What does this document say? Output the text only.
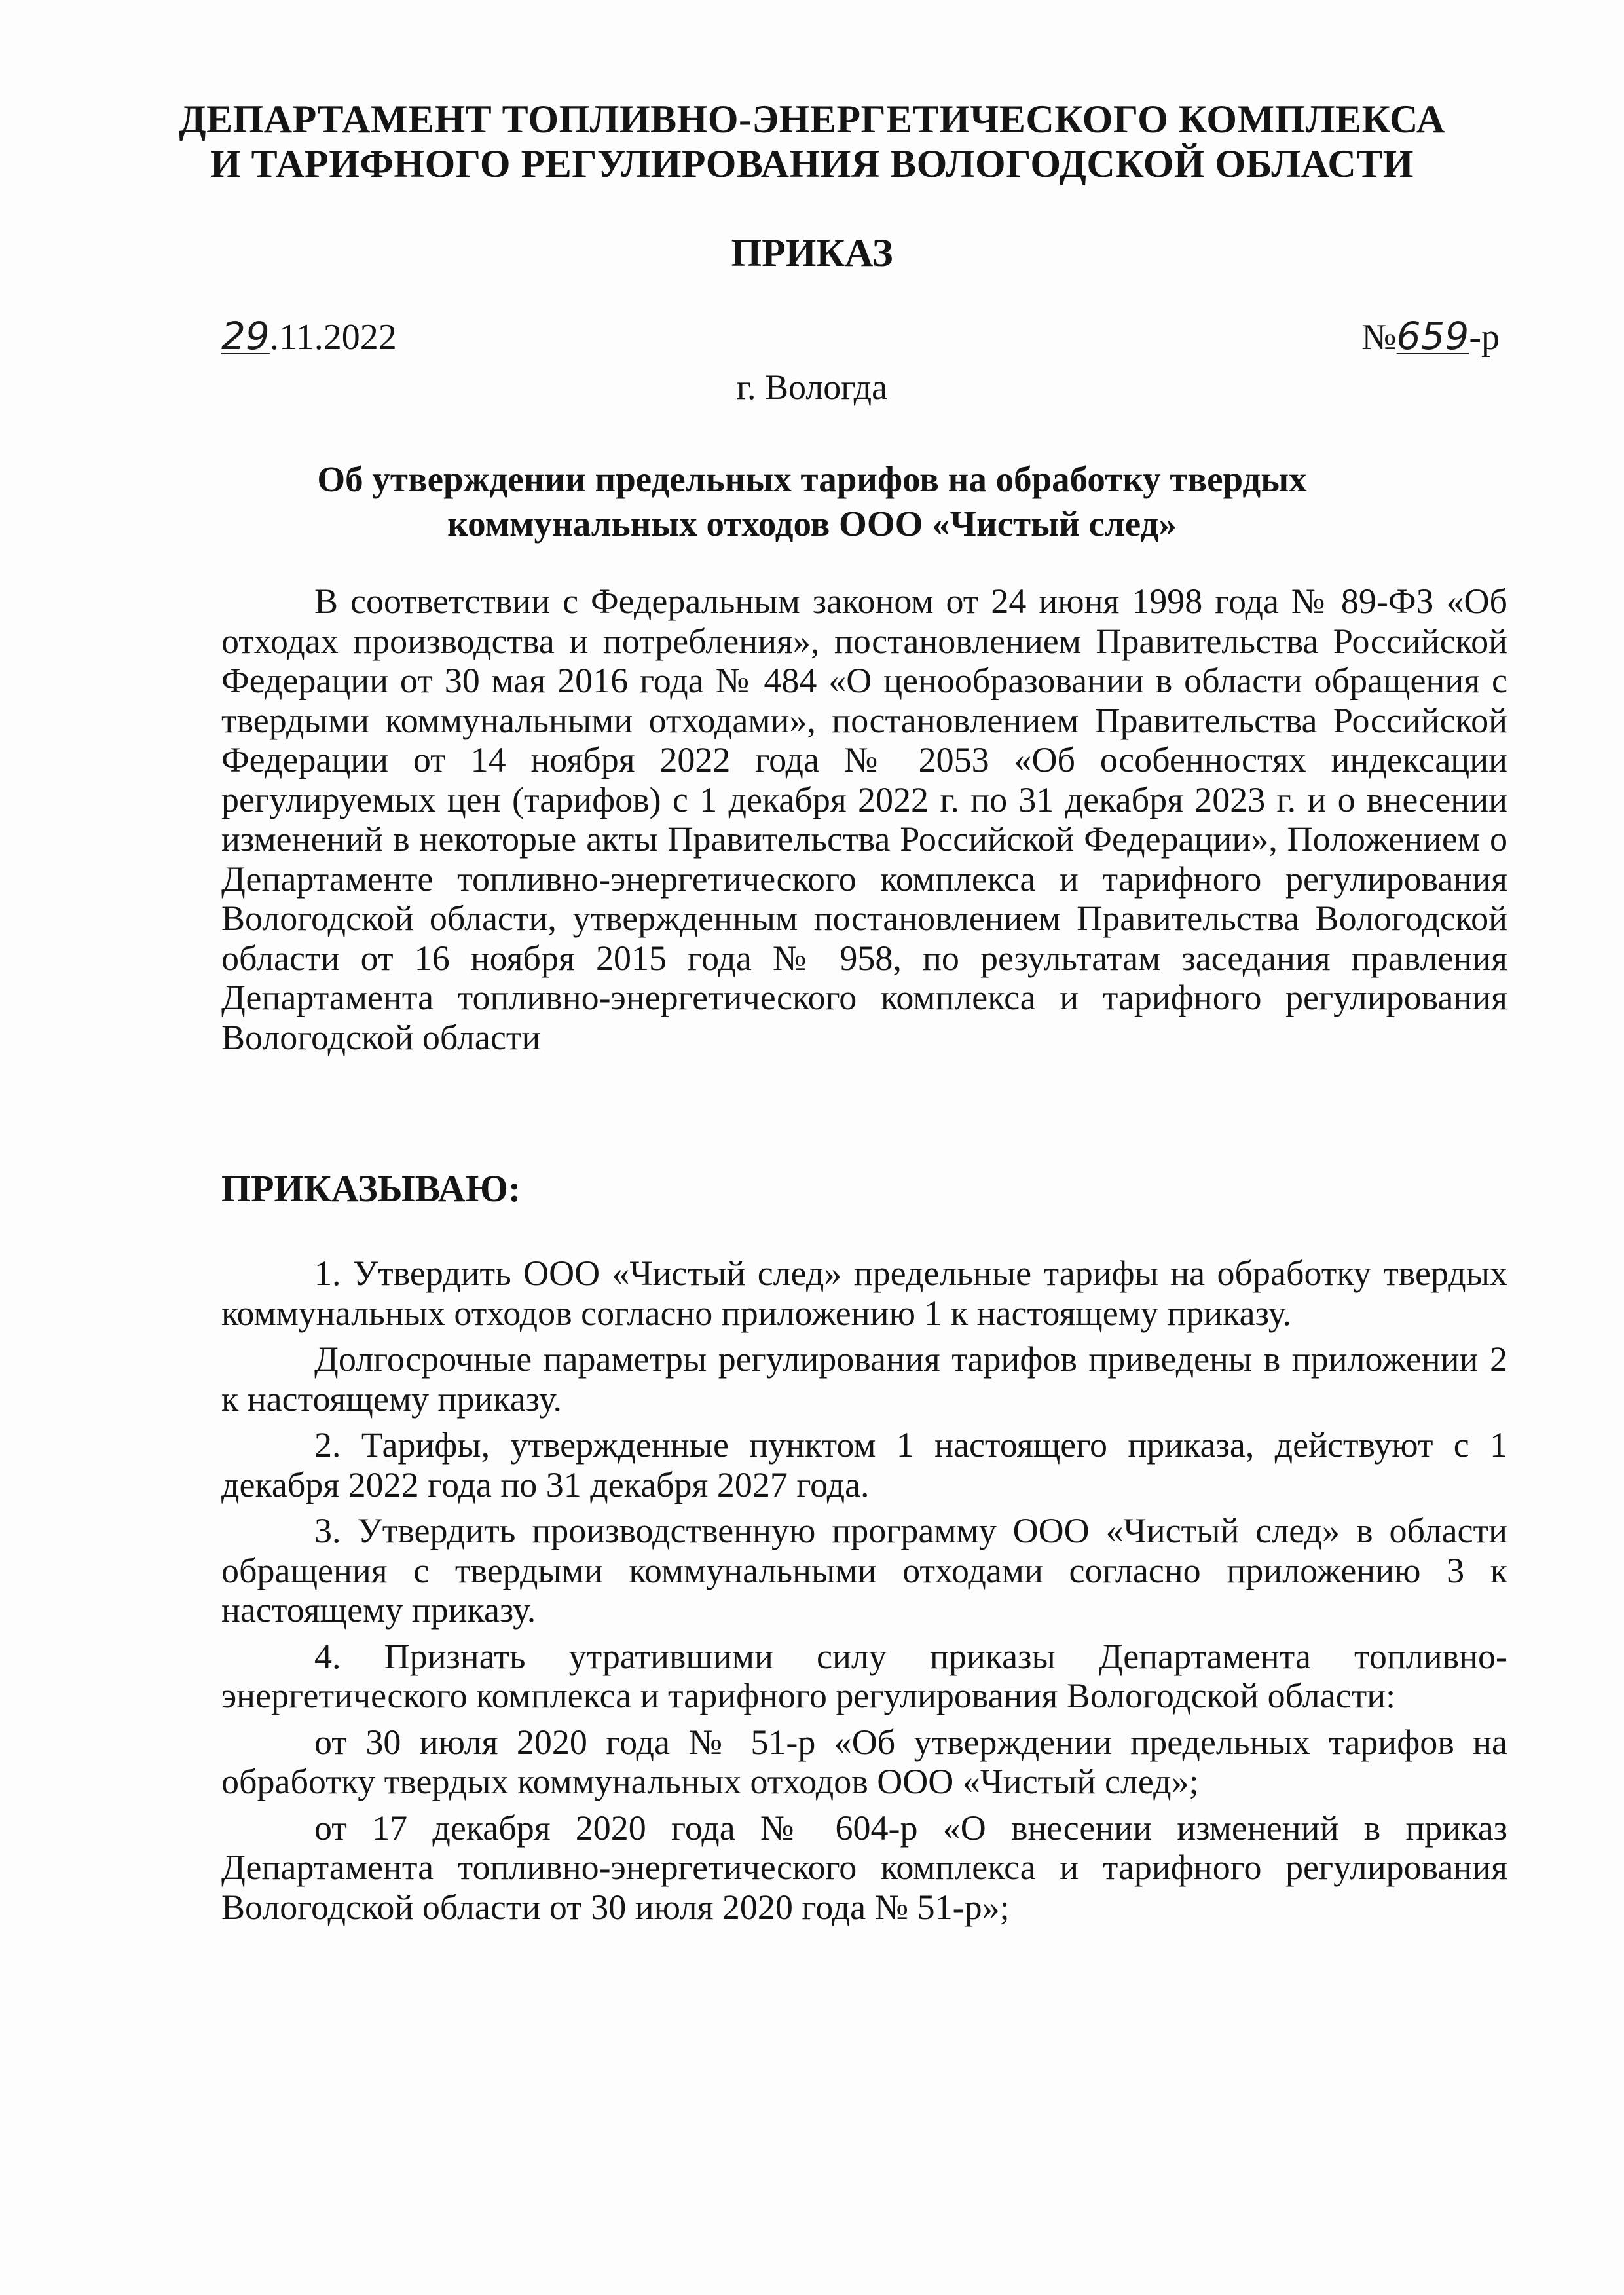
ДЕПАРТАМЕНТ ТОПЛИВНО-ЭНЕРГЕТИЧЕСКОГО КОМПЛЕКСА
И ТАРИФНОГО РЕГУЛИРОВАНИЯ ВОЛОГОДСКОЙ ОБЛАСТИ
ПРИКАЗ
29.11.2022	№659-р
г. Вологда
Об утверждении предельных тарифов на обработку твердых
коммунальных отходов ООО «Чистый след»

В соответствии с Федеральным законом от 24 июня 1998 года № 89-ФЗ «Об отходах производства и потребления», постановлением Правительства Российской Федерации от 30 мая 2016 года № 484 «О ценообразовании в области обращения с твердыми коммунальными отходами», постановлением Правительства Российской Федерации от 14 ноября 2022 года № 2053 «Об особенностях индексации регулируемых цен (тарифов) с 1 декабря 2022 г. по 31 декабря 2023 г. и о внесении изменений в некоторые акты Правительства Российской Федерации», Положением о Департаменте топливно-энергетического комплекса и тарифного регулирования Вологодской области, утвержденным постановлением Правительства Вологодской области от 16 ноября 2015 года № 958, по результатам заседания правления Департамента топливно-энергетического комплекса и тарифного регулирования Вологодской области

ПРИКАЗЫВАЮ:

1. Утвердить ООО «Чистый след» предельные тарифы на обработку твердых коммунальных отходов согласно приложению 1 к настоящему приказу.

Долгосрочные параметры регулирования тарифов приведены в приложении 2 к настоящему приказу.

2. Тарифы, утвержденные пунктом 1 настоящего приказа, действуют с 1 декабря 2022 года по 31 декабря 2027 года.

3. Утвердить производственную программу ООО «Чистый след» в области обращения с твердыми коммунальными отходами согласно приложению 3 к настоящему приказу.

4. Признать утратившими силу приказы Департамента топливно-энергетического комплекса и тарифного регулирования Вологодской области:

от 30 июля 2020 года № 51-р «Об утверждении предельных тарифов на обработку твердых коммунальных отходов ООО «Чистый след»;

от 17 декабря 2020 года № 604-р «О внесении изменений в приказ Департамента топливно-энергетического комплекса и тарифного регулирования Вологодской области от 30 июля 2020 года № 51-р»;
